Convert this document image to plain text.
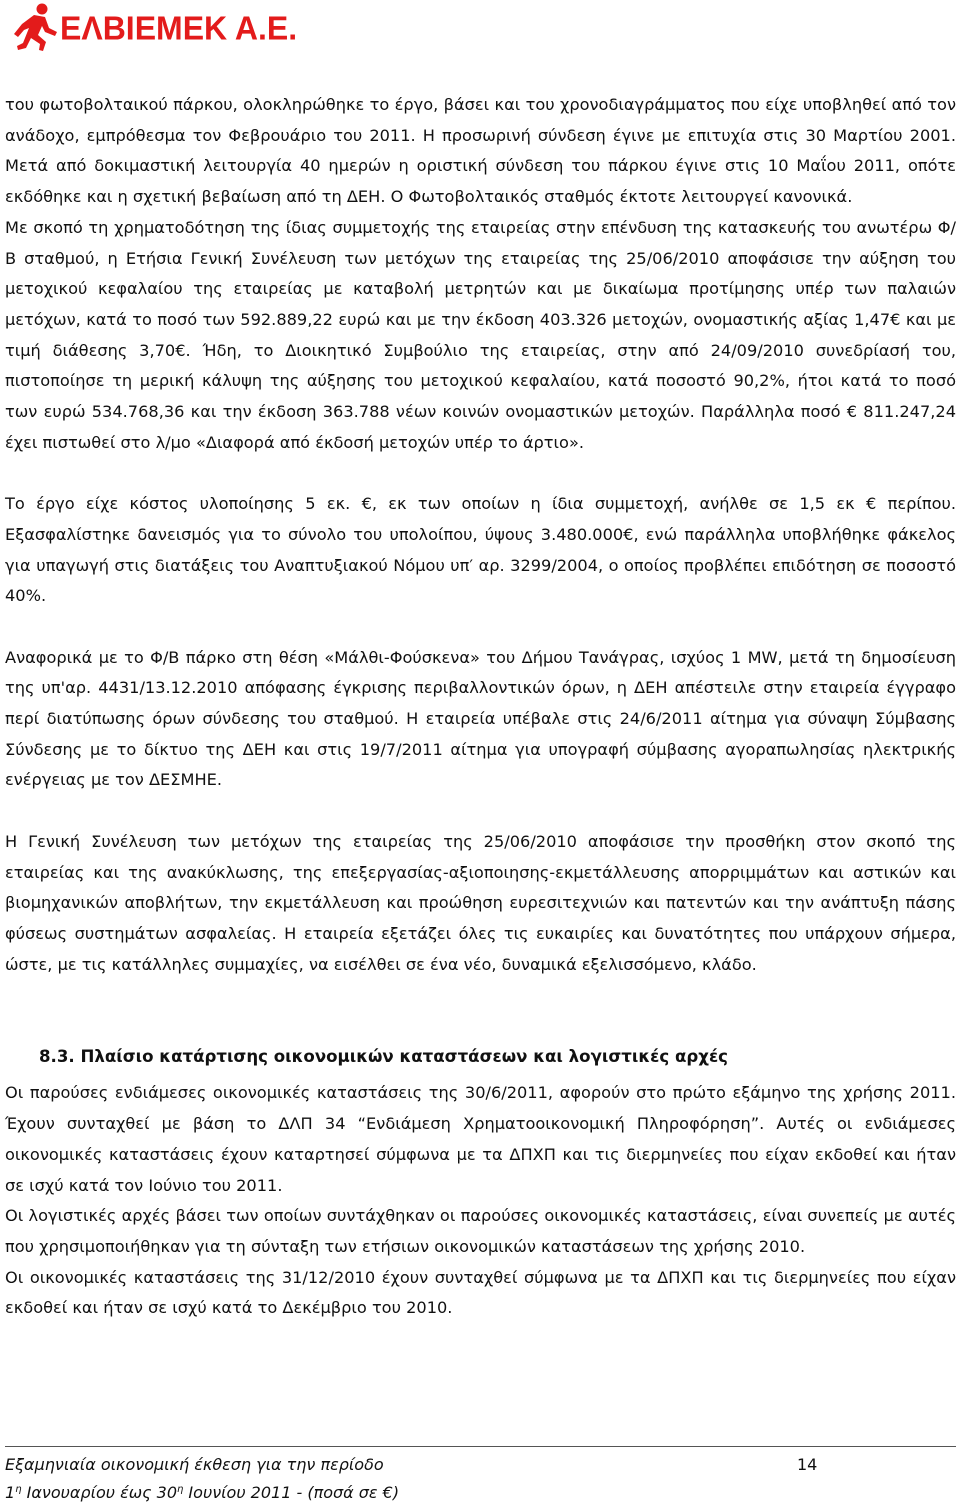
ΕΛΒΙΕΜΕΚ Α.Ε.

του φωτοβολταικού πάρκου, ολοκληρώθηκε το έργο, βάσει και του χρονοδιαγράμματος που είχε υποβληθεί από τον ανάδοχο, εμπρόθεσμα τον Φεβρουάριο του 2011. Η προσωρινή σύνδεση έγινε με επιτυχία στις 30 Μαρτίου 2001. Μετά από δοκιμαστική λειτουργία 40 ημερών η οριστική σύνδεση του πάρκου έγινε στις 10 Μαΐου 2011, οπότε εκδόθηκε και η σχετική βεβαίωση από τη ΔΕΗ. Ο Φωτοβολταικός σταθμός έκτοτε λειτουργεί κανονικά.

Με σκοπό τη χρηματοδότηση της ίδιας συμμετοχής της εταιρείας στην επένδυση της κατασκευής του ανωτέρω Φ/Β σταθμού, η Ετήσια Γενική Συνέλευση των μετόχων της εταιρείας της 25/06/2010 αποφάσισε την αύξηση του μετοχικού κεφαλαίου της εταιρείας με καταβολή μετρητών και με δικαίωμα προτίμησης υπέρ των παλαιών μετόχων, κατά το ποσό των 592.889,22 ευρώ και με την έκδοση 403.326 μετοχών, ονομαστικής αξίας 1,47€ και με τιμή διάθεσης 3,70€. Ήδη, το Διοικητικό Συμβούλιο της εταιρείας, στην από 24/09/2010 συνεδρίασή του, πιστοποίησε τη μερική κάλυψη της αύξησης του μετοχικού κεφαλαίου, κατά ποσοστό 90,2%, ήτοι κατά το ποσό των ευρώ 534.768,36 και την έκδοση 363.788 νέων κοινών ονομαστικών μετοχών. Παράλληλα ποσό € 811.247,24 έχει πιστωθεί στο λ/μο «Διαφορά από έκδοσή μετοχών υπέρ το άρτιο».

Το έργο είχε κόστος υλοποίησης 5 εκ. €, εκ των οποίων η ίδια συμμετοχή, ανήλθε σε 1,5 εκ € περίπου. Εξασφαλίστηκε δανεισμός για το σύνολο του υπολοίπου, ύψους 3.480.000€, ενώ παράλληλα υποβλήθηκε φάκελος για υπαγωγή στις διατάξεις του Αναπτυξιακού Νόμου υπ′ αρ. 3299/2004, ο οποίος προβλέπει επιδότηση σε ποσοστό 40%.

Αναφορικά με το Φ/Β πάρκο στη θέση «Μάλθι-Φούσκενα» του Δήμου Τανάγρας, ισχύος 1 MW, μετά τη δημοσίευση της υπ'αρ. 4431/13.12.2010 απόφασης έγκρισης περιβαλλοντικών όρων, η ΔΕΗ απέστειλε στην εταιρεία έγγραφο περί διατύπωσης όρων σύνδεσης του σταθμού. Η εταιρεία υπέβαλε στις 24/6/2011 αίτημα για σύναψη Σύμβασης Σύνδεσης με το δίκτυο της ΔΕΗ και στις 19/7/2011 αίτημα για υπογραφή σύμβασης αγοραπωλησίας ηλεκτρικής ενέργειας με τον ΔΕΣΜΗΕ.

Η Γενική Συνέλευση των μετόχων της εταιρείας της 25/06/2010 αποφάσισε την προσθήκη στον σκοπό της εταιρείας και της ανακύκλωσης, της επεξεργασίας-αξιοποιησης-εκμετάλλευσης απορριμμάτων και αστικών και βιομηχανικών αποβλήτων, την εκμετάλλευση και προώθηση ευρεσιτεχνιών και πατεντών και την ανάπτυξη πάσης φύσεως συστημάτων ασφαλείας. Η εταιρεία εξετάζει όλες τις ευκαιρίες και δυνατότητες που υπάρχουν σήμερα, ώστε, με τις κατάλληλες συμμαχίες, να εισέλθει σε ένα νέο, δυναμικά εξελισσόμενο, κλάδο.

8.3. Πλαίσιο κατάρτισης οικονομικών καταστάσεων και λογιστικές αρχές

Οι παρούσες ενδιάμεσες οικονομικές καταστάσεις της 30/6/2011, αφορούν στο πρώτο εξάμηνο της χρήσης 2011. Έχουν συνταχθεί με βάση το ΔΛΠ 34 “Ενδιάμεση Χρηματοοικονομική Πληροφόρηση”. Αυτές οι ενδιάμεσες οικονομικές καταστάσεις έχουν καταρτησεί σύμφωνα με τα ΔΠΧΠ και τις διερμηνείες που είχαν εκδοθεί και ήταν σε ισχύ κατά τον Ιούνιο του 2011.

Οι λογιστικές αρχές βάσει των οποίων συντάχθηκαν οι παρούσες οικονομικές καταστάσεις, είναι συνεπείς με αυτές που χρησιμοποιήθηκαν για τη σύνταξη των ετήσιων οικονομικών καταστάσεων της χρήσης 2010.

Οι οικονομικές καταστάσεις της 31/12/2010 έχουν συνταχθεί σύμφωνα με τα ΔΠΧΠ και τις διερμηνείες που είχαν εκδοθεί και ήταν σε ισχύ κατά το Δεκέμβριο του 2010.

Εξαμηνιαία οικονομική έκθεση για την περίοδο
$1^\eta$ Ιανουαρίου έως $30^\eta$ Ιουνίου 2011 - (ποσά σε €)
14
